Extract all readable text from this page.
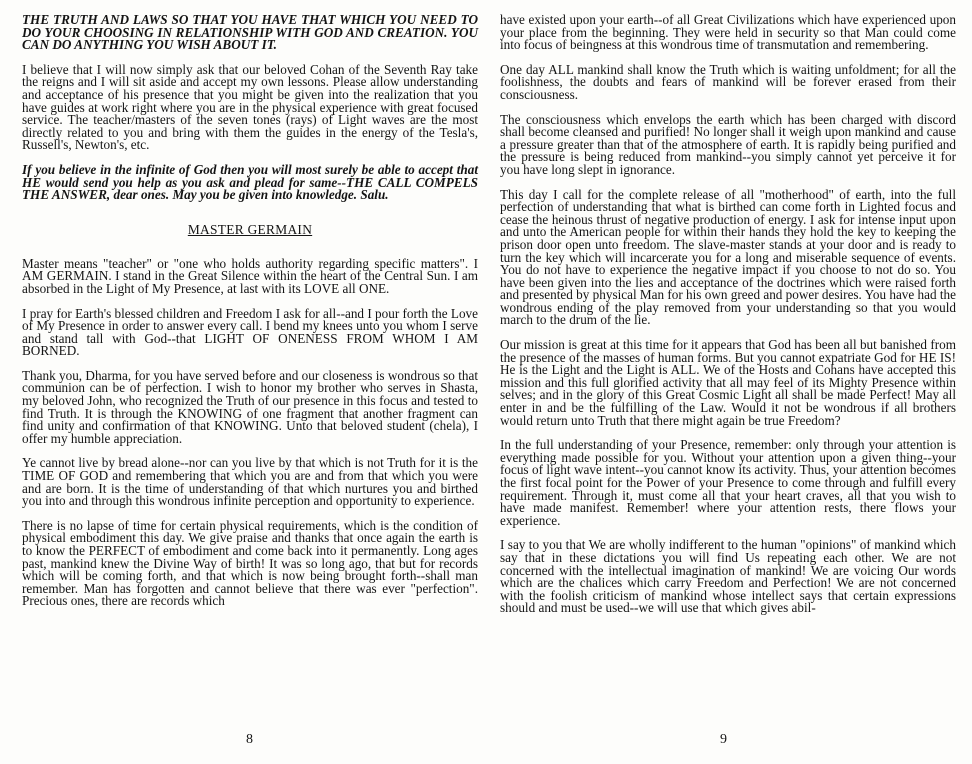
THE TRUTH AND LAWS SO THAT YOU HAVE THAT WHICH YOU NEED TO DO YOUR CHOOSING IN RELATIONSHIP WITH GOD AND CREATION. YOU CAN DO ANYTHING YOU WISH ABOUT IT.

I believe that I will now simply ask that our beloved Cohan of the Seventh Ray take the reigns and I will sit aside and accept my own lessons. Please allow understanding and acceptance of his presence that you might be given into the realization that you have guides at work right where you are in the physical experience with great focused service. The teacher/masters of the seven tones (rays) of Light waves are the most directly related to you and bring with them the guides in the energy of the Tesla's, Russell's, Newton's, etc.

If you believe in the infinite of God then you will most surely be able to accept that HE would send you help as you ask and plead for same--THE CALL COMPELS THE ANSWER, dear ones. May you be given into knowledge. Salu.

MASTER GERMAIN

Master means "teacher" or "one who holds authority regarding specific matters". I AM GERMAIN. I stand in the Great Silence within the heart of the Central Sun. I am absorbed in the Light of My Presence, at last with its LOVE all ONE.

I pray for Earth's blessed children and Freedom I ask for all--and I pour forth the Love of My Presence in order to answer every call. I bend my knees unto you whom I serve and stand tall with God--that LIGHT OF ONENESS FROM WHOM I AM BORNED.

Thank you, Dharma, for you have served before and our closeness is wondrous so that communion can be of perfection. I wish to honor my brother who serves in Shasta, my beloved John, who recognized the Truth of our presence in this focus and tested to find Truth. It is through the KNOWING of one fragment that another fragment can find unity and confirmation of that KNOWING. Unto that beloved student (chela), I offer my humble appreciation.

Ye cannot live by bread alone--nor can you live by that which is not Truth for it is the TIME OF GOD and remembering that which you are and from that which you were and are born. It is the time of understanding of that which nurtures you and birthed you into and through this wondrous infinite perception and opportunity to experience.

There is no lapse of time for certain physical requirements, which is the condition of physical embodiment this day. We give praise and thanks that once again the earth is to know the PERFECT of embodiment and come back into it permanently. Long ages past, mankind knew the Divine Way of birth! It was so long ago, that but for records which will be coming forth, and that which is now being brought forth--shall man remember. Man has forgotten and cannot believe that there was ever "perfection". Precious ones, there are records which

have existed upon your earth--of all Great Civilizations which have experienced upon your place from the beginning. They were held in security so that Man could come into focus of beingness at this wondrous time of transmutation and remembering.

One day ALL mankind shall know the Truth which is waiting unfoldment; for all the foolishness, the doubts and fears of mankind will be forever erased from their consciousness.

The consciousness which envelops the earth which has been charged with discord shall become cleansed and purified! No longer shall it weigh upon mankind and cause a pressure greater than that of the atmosphere of earth. It is rapidly being purified and the pressure is being reduced from mankind--you simply cannot yet perceive it for you have long slept in ignorance.

This day I call for the complete release of all "motherhood" of earth, into the full perfection of understanding that what is birthed can come forth in Lighted focus and cease the heinous thrust of negative production of energy. I ask for intense input upon and unto the American people for within their hands they hold the key to keeping the prison door open unto freedom. The slave-master stands at your door and is ready to turn the key which will incarcerate you for a long and miserable sequence of events. You do not have to experience the negative impact if you choose to not do so. You have been given into the lies and acceptance of the doctrines which were raised forth and presented by physical Man for his own greed and power desires. You have had the wondrous ending of the play removed from your understanding so that you would march to the drum of the lie.

Our mission is great at this time for it appears that God has been all but banished from the presence of the masses of human forms. But you cannot expatriate God for HE IS! He is the Light and the Light is ALL. We of the Hosts and Cohans have accepted this mission and this full glorified activity that all may feel of its Mighty Presence within selves; and in the glory of this Great Cosmic Light all shall be made Perfect! May all enter in and be the fulfilling of the Law. Would it not be wondrous if all brothers would return unto Truth that there might again be true Freedom?

In the full understanding of your Presence, remember: only through your attention is everything made possible for you. Without your attention upon a given thing--your focus of light wave intent--you cannot know its activity. Thus, your attention becomes the first focal point for the Power of your Presence to come through and fulfill every requirement. Through it, must come all that your heart craves, all that you wish to have made manifest. Remember! where your attention rests, there flows your experience.

I say to you that We are wholly indifferent to the human "opinions" of mankind which say that in these dictations you will find Us repeating each other. We are not concerned with the intellectual imagination of mankind! We are voicing Our words which are the chalices which carry Freedom and Perfection! We are not concerned with the foolish criticism of mankind whose intellect says that certain expressions should and must be used--we will use that which gives abil-

8	9
